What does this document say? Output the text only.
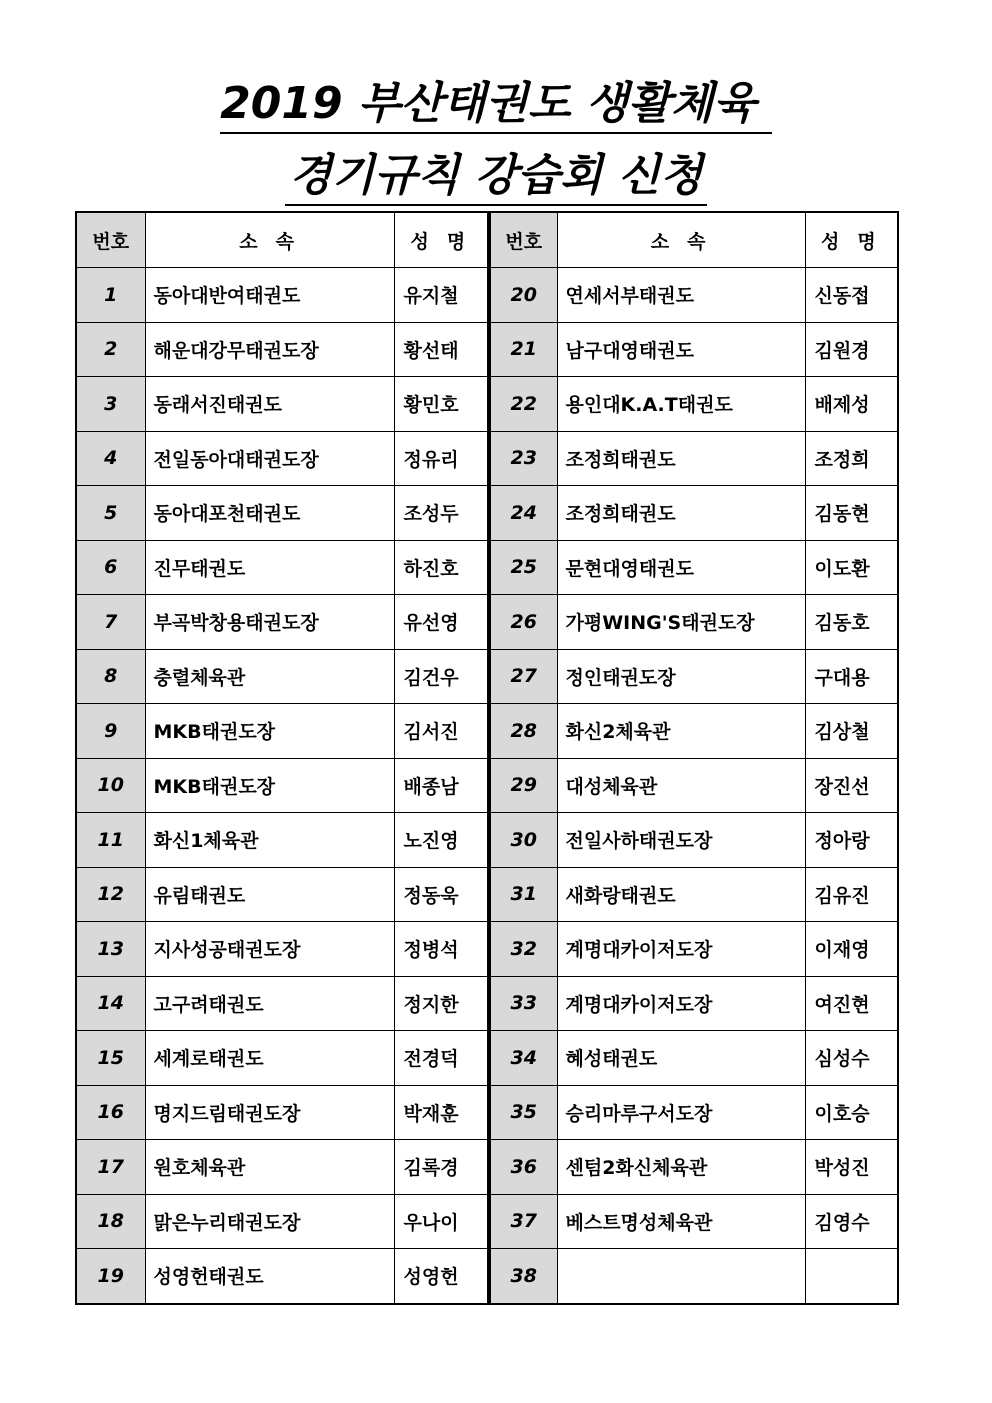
2019 부산태권도 생활체육
경기규칙 강습회 신청
번호	소 속	성 명
1	동아대반여태권도	유지철
2	해운대강무태권도장	황선태
3	동래서진태권도	황민호
4	전일동아대태권도장	정유리
5	동아대포천태권도	조성두
6	진무태권도	하진호
7	부곡박창용태권도장	유선영
8	충렬체육관	김건우
9	MKB태권도장	김서진
10	MKB태권도장	배종남
11	화신1체육관	노진영
12	유림태권도	정동욱
13	지사성공태권도장	정병석
14	고구려태권도	정지한
15	세계로태권도	전경덕
16	명지드림태권도장	박재훈
17	원호체육관	김록경
18	맑은누리태권도장	우나이
19	성영헌태권도	성영헌
번호	소 속	성 명
20	연세서부태권도	신동접
21	남구대영태권도	김원경
22	용인대K.A.T태권도	배제성
23	조정희태권도	조정희
24	조정희태권도	김동현
25	문현대영태권도	이도환
26	가평WING'S태권도장	김동호
27	정인태권도장	구대용
28	화신2체육관	김상철
29	대성체육관	장진선
30	전일사하태권도장	정아랑
31	새화랑태권도	김유진
32	계명대카이저도장	이재영
33	계명대카이저도장	여진현
34	혜성태권도	심성수
35	승리마루구서도장	이호승
36	센텀2화신체육관	박성진
37	베스트명성체육관	김영수
38		
